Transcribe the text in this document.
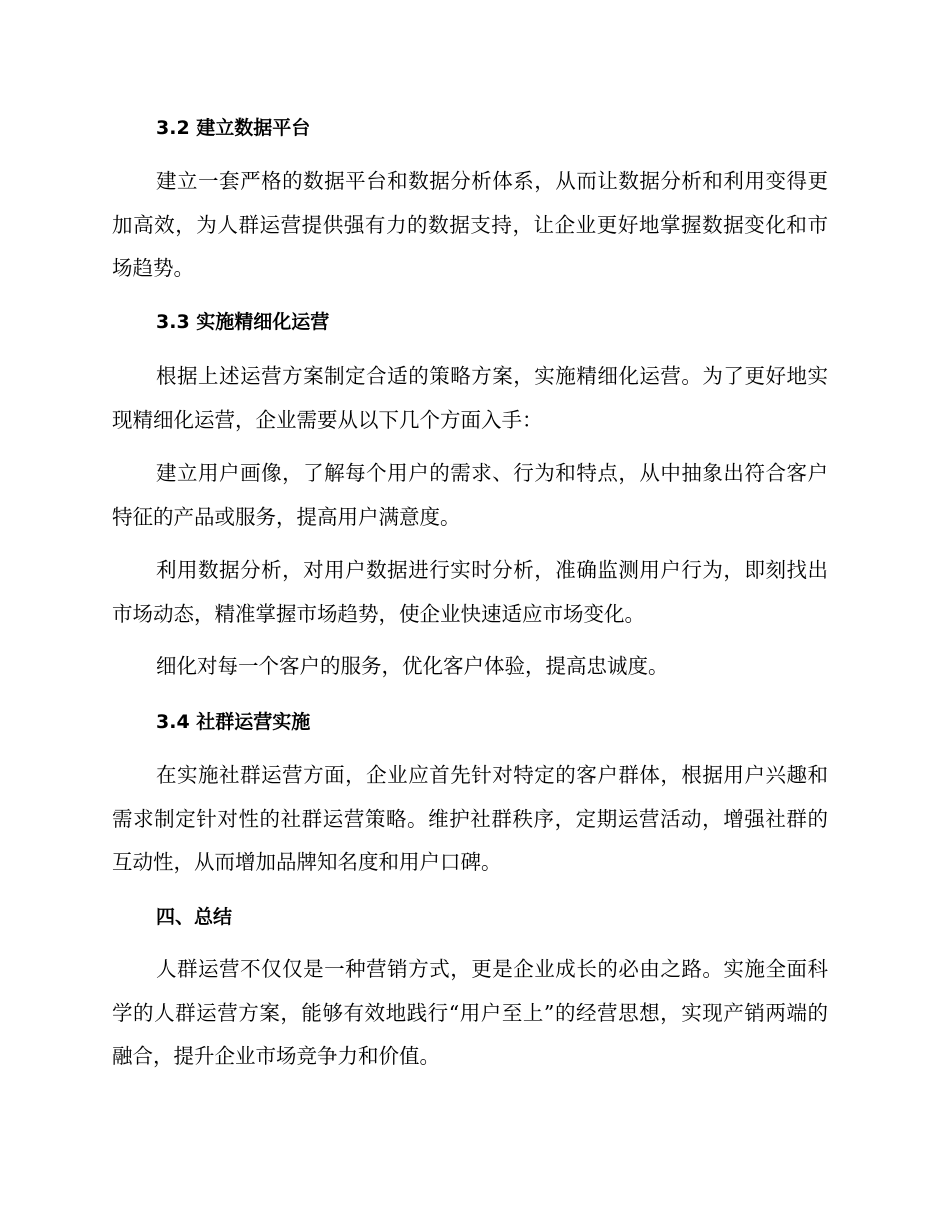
3.2 建立数据平台

建立一套严格的数据平台和数据分析体系，从而让数据分析和利用变得更加高效，为人群运营提供强有力的数据支持，让企业更好地掌握数据变化和市场趋势。

3.3 实施精细化运营

根据上述运营方案制定合适的策略方案，实施精细化运营。为了更好地实现精细化运营，企业需要从以下几个方面入手：

建立用户画像，了解每个用户的需求、行为和特点，从中抽象出符合客户特征的产品或服务，提高用户满意度。

利用数据分析，对用户数据进行实时分析，准确监测用户行为，即刻找出市场动态，精准掌握市场趋势，使企业快速适应市场变化。

细化对每一个客户的服务，优化客户体验，提高忠诚度。

3.4 社群运营实施

在实施社群运营方面，企业应首先针对特定的客户群体，根据用户兴趣和需求制定针对性的社群运营策略。维护社群秩序，定期运营活动，增强社群的互动性，从而增加品牌知名度和用户口碑。

四、总结

人群运营不仅仅是一种营销方式，更是企业成长的必由之路。实施全面科学的人群运营方案，能够有效地践行“用户至上”的经营思想，实现产销两端的融合，提升企业市场竞争力和价值。
